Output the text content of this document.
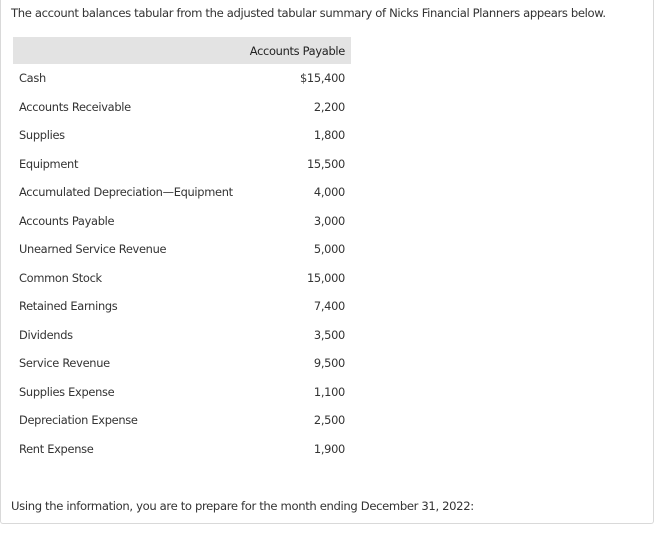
The account balances tabular from the adjusted tabular summary of Nicks Financial Planners appears below.
	Accounts Payable
Cash	$15,400
Accounts Receivable	2,200
Supplies	1,800
Equipment	15,500
Accumulated Depreciation—Equipment	4,000
Accounts Payable	3,000
Unearned Service Revenue	5,000
Common Stock	15,000
Retained Earnings	7,400
Dividends	3,500
Service Revenue	9,500
Supplies Expense	1,100
Depreciation Expense	2,500
Rent Expense	1,900
Using the information, you are to prepare for the month ending December 31, 2022:
